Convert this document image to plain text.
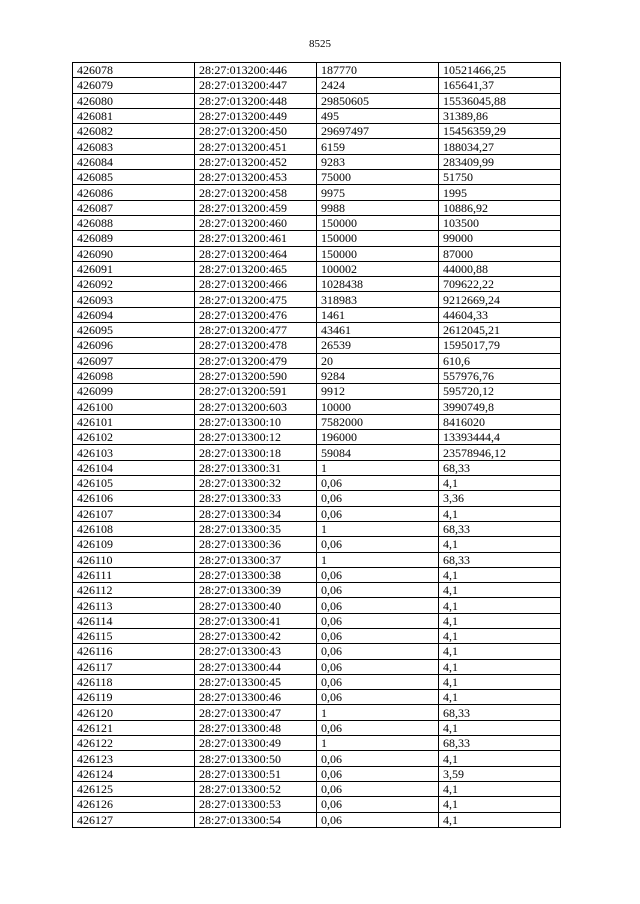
8525
426078	28:27:013200:446	187770	10521466,25
426079	28:27:013200:447	2424	165641,37
426080	28:27:013200:448	29850605	15536045,88
426081	28:27:013200:449	495	31389,86
426082	28:27:013200:450	29697497	15456359,29
426083	28:27:013200:451	6159	188034,27
426084	28:27:013200:452	9283	283409,99
426085	28:27:013200:453	75000	51750
426086	28:27:013200:458	9975	1995
426087	28:27:013200:459	9988	10886,92
426088	28:27:013200:460	150000	103500
426089	28:27:013200:461	150000	99000
426090	28:27:013200:464	150000	87000
426091	28:27:013200:465	100002	44000,88
426092	28:27:013200:466	1028438	709622,22
426093	28:27:013200:475	318983	9212669,24
426094	28:27:013200:476	1461	44604,33
426095	28:27:013200:477	43461	2612045,21
426096	28:27:013200:478	26539	1595017,79
426097	28:27:013200:479	20	610,6
426098	28:27:013200:590	9284	557976,76
426099	28:27:013200:591	9912	595720,12
426100	28:27:013200:603	10000	3990749,8
426101	28:27:013300:10	7582000	8416020
426102	28:27:013300:12	196000	13393444,4
426103	28:27:013300:18	59084	23578946,12
426104	28:27:013300:31	1	68,33
426105	28:27:013300:32	0,06	4,1
426106	28:27:013300:33	0,06	3,36
426107	28:27:013300:34	0,06	4,1
426108	28:27:013300:35	1	68,33
426109	28:27:013300:36	0,06	4,1
426110	28:27:013300:37	1	68,33
426111	28:27:013300:38	0,06	4,1
426112	28:27:013300:39	0,06	4,1
426113	28:27:013300:40	0,06	4,1
426114	28:27:013300:41	0,06	4,1
426115	28:27:013300:42	0,06	4,1
426116	28:27:013300:43	0,06	4,1
426117	28:27:013300:44	0,06	4,1
426118	28:27:013300:45	0,06	4,1
426119	28:27:013300:46	0,06	4,1
426120	28:27:013300:47	1	68,33
426121	28:27:013300:48	0,06	4,1
426122	28:27:013300:49	1	68,33
426123	28:27:013300:50	0,06	4,1
426124	28:27:013300:51	0,06	3,59
426125	28:27:013300:52	0,06	4,1
426126	28:27:013300:53	0,06	4,1
426127	28:27:013300:54	0,06	4,1
